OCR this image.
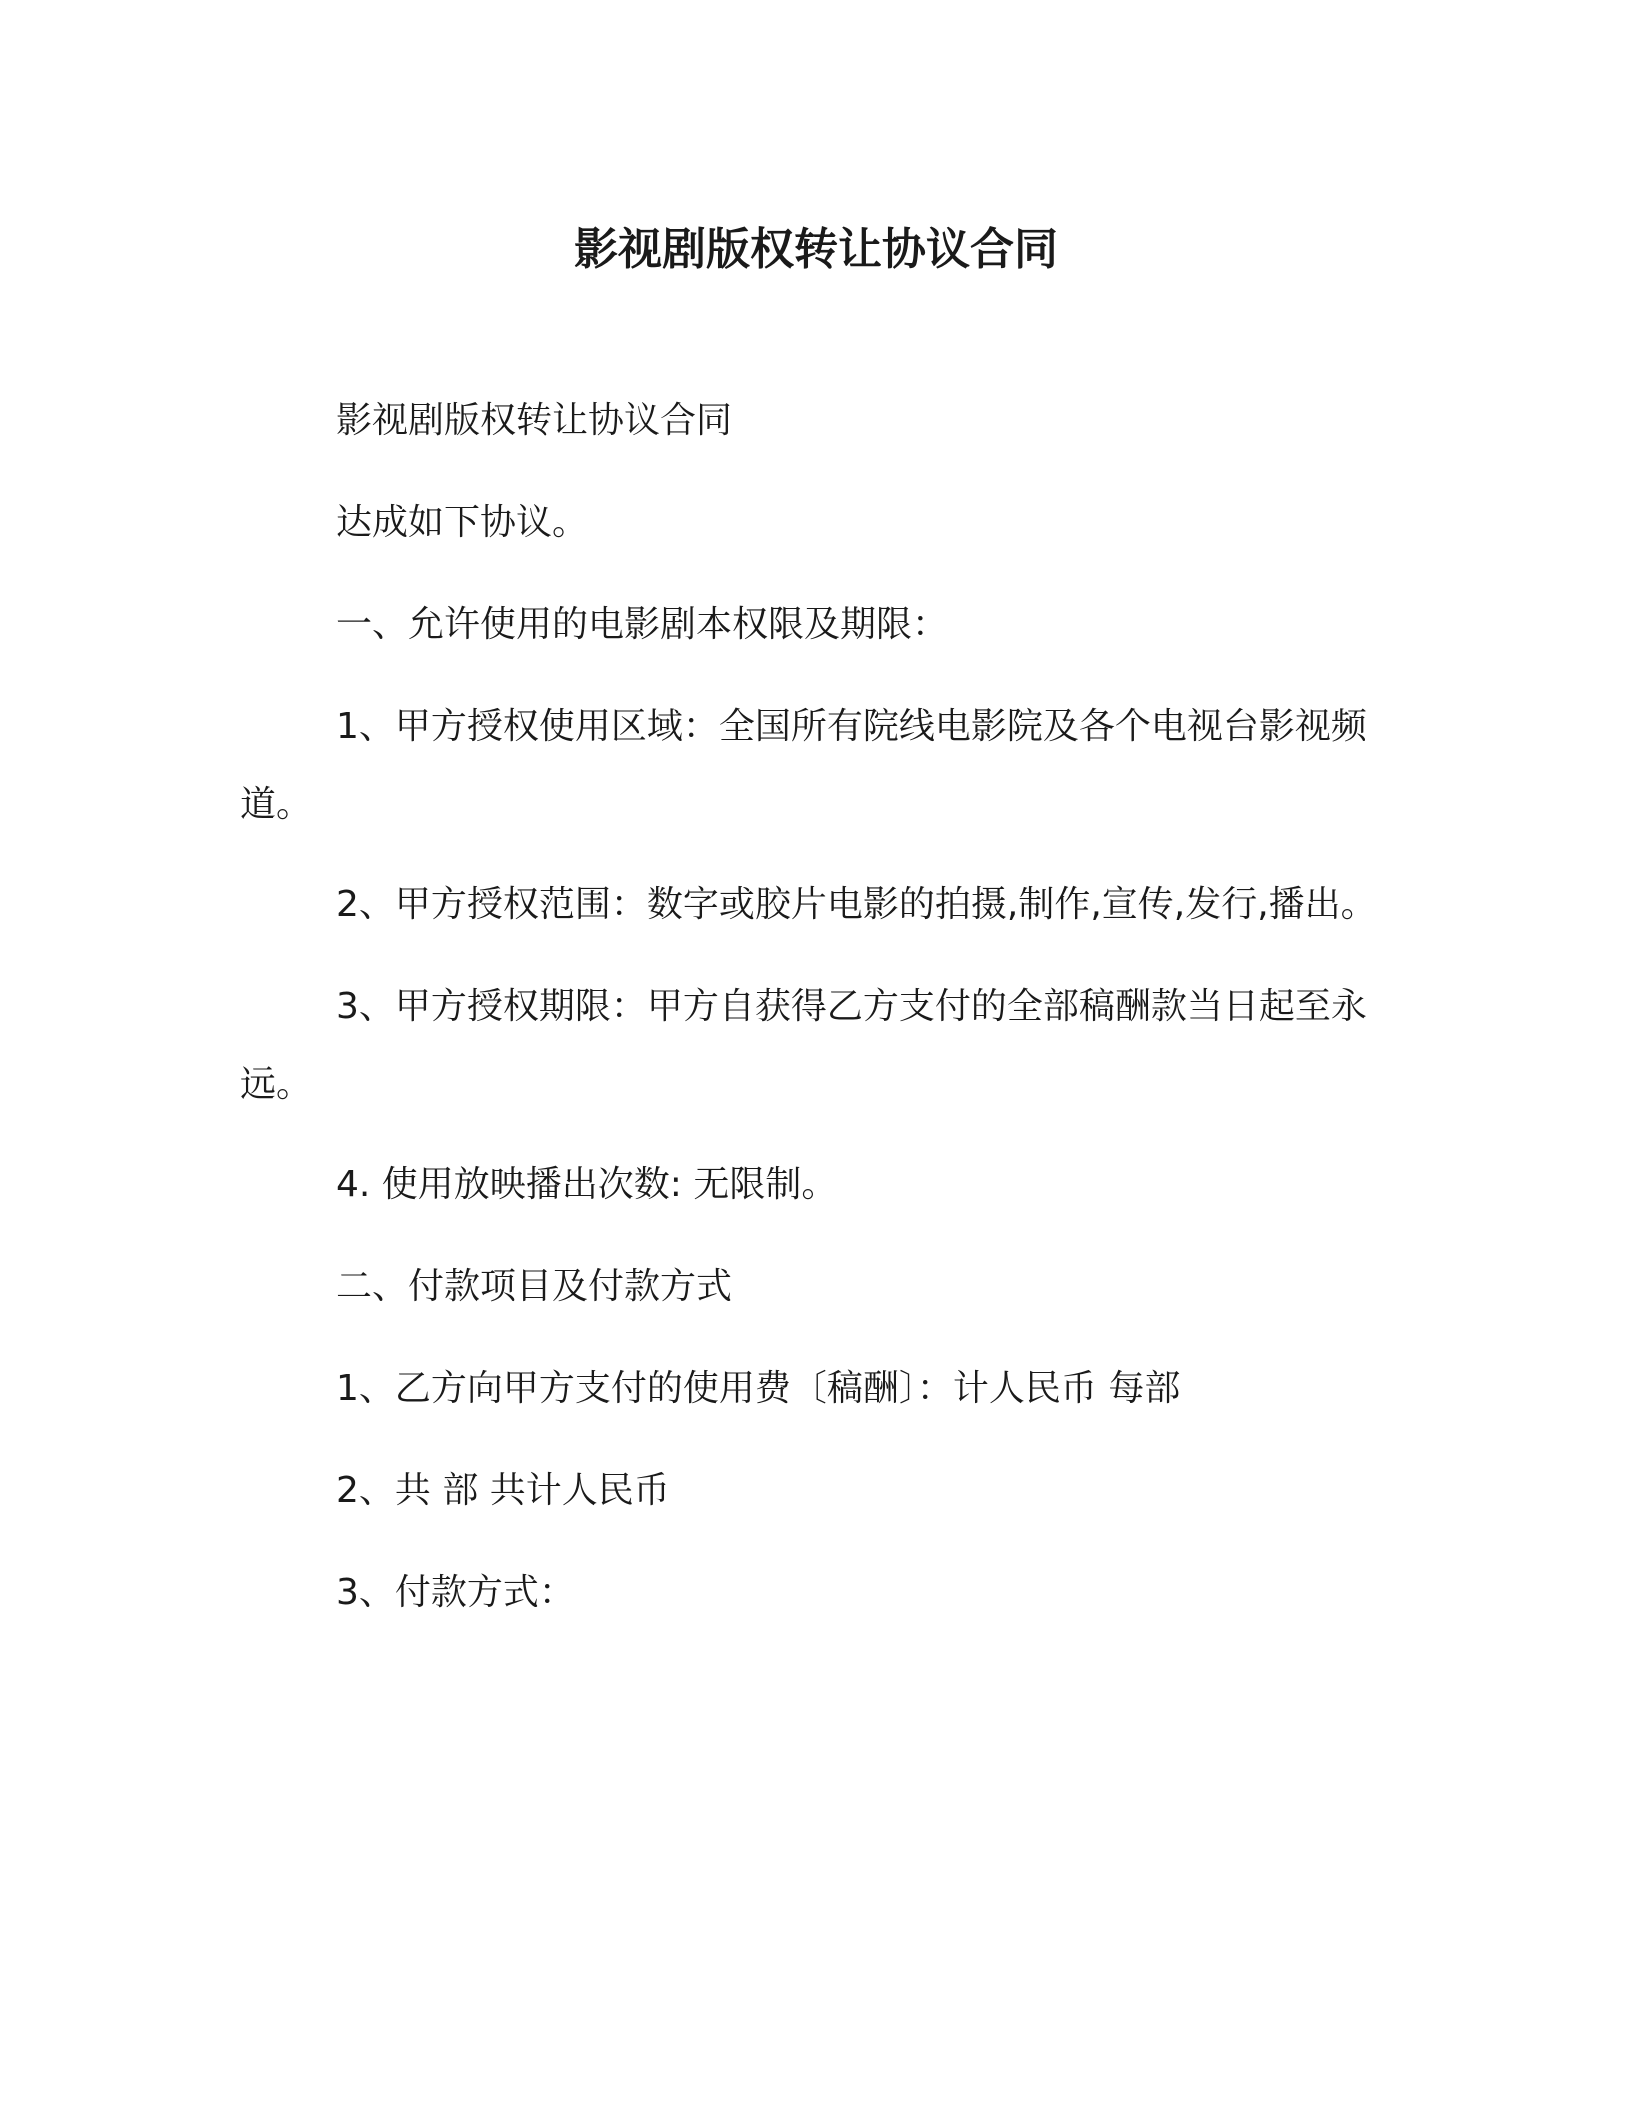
影视剧版权转让协议合同
影视剧版权转让协议合同
达成如下协议。
一、允许使用的电影剧本权限及期限：
1、甲方授权使用区域：全国所有院线电影院及各个电视台影视频道。
2、甲方授权范围：数字或胶片电影的拍摄,制作,宣传,发行,播出。
3、甲方授权期限：甲方自获得乙方支付的全部稿酬款当日起至永远。
4. 使用放映播出次数: 无限制。
二、付款项目及付款方式
1、乙方向甲方支付的使用费〔稿酬〕：计人民币 每部
2、共 部 共计人民币
3、付款方式：
